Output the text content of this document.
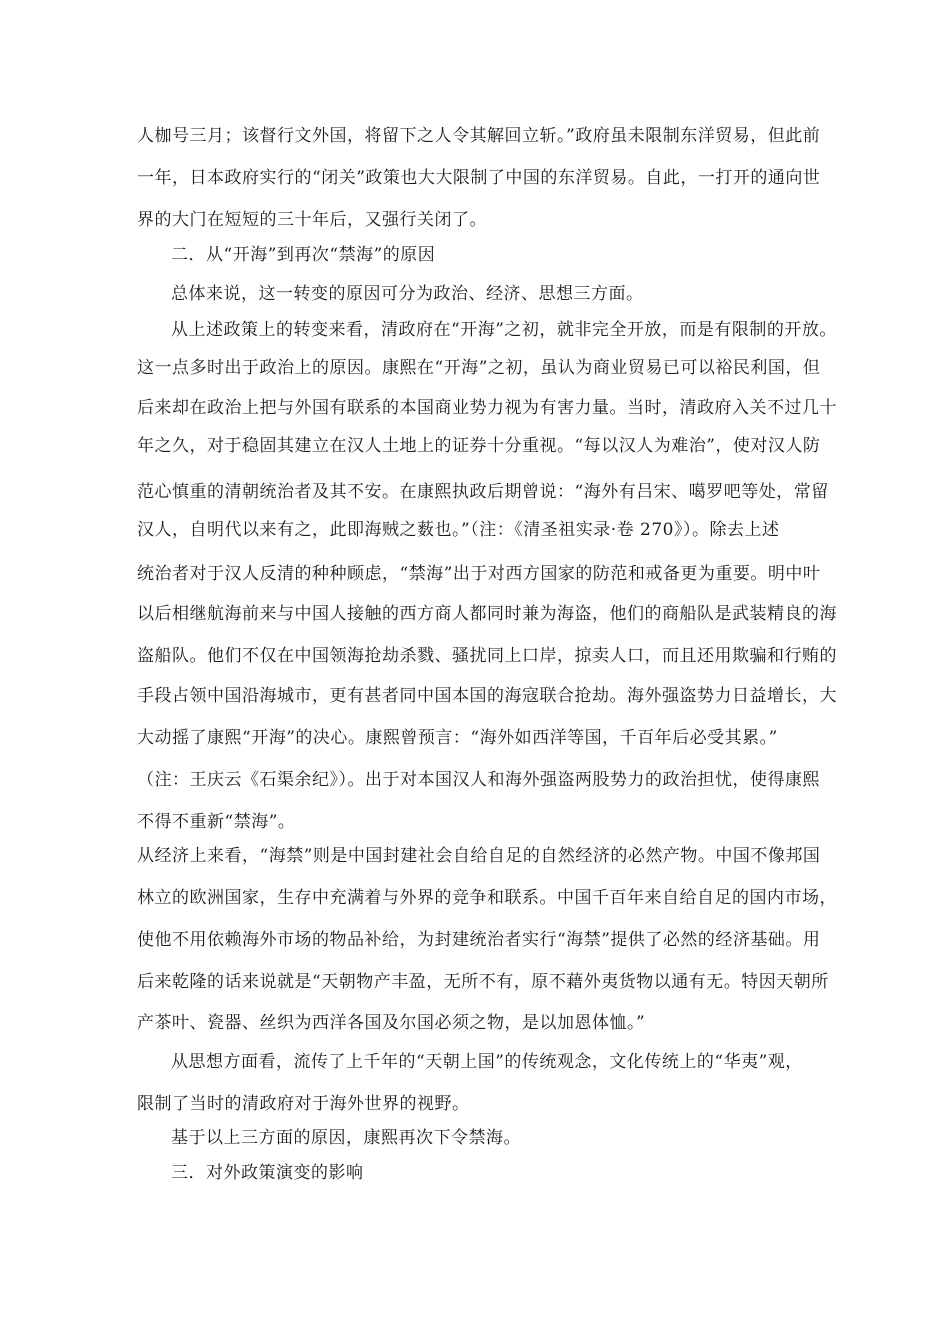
人枷号三月；该督行文外国，将留下之人令其解回立斩。”政府虽未限制东洋贸易，但此前
一年，日本政府实行的“闭关”政策也大大限制了中国的东洋贸易。自此，一打开的通向世
界的大门在短短的三十年后，又强行关闭了。
二．从“开海”到再次“禁海”的原因
总体来说，这一转变的原因可分为政治、经济、思想三方面。
从上述政策上的转变来看，清政府在“开海”之初，就非完全开放，而是有限制的开放。
这一点多时出于政治上的原因。康熙在“开海”之初，虽认为商业贸易已可以裕民利国，但
后来却在政治上把与外国有联系的本国商业势力视为有害力量。当时，清政府入关不过几十
年之久，对于稳固其建立在汉人土地上的证券十分重视。“每以汉人为难治”，使对汉人防
范心慎重的清朝统治者及其不安。在康熙执政后期曾说：“海外有吕宋、噶罗吧等处，常留
汉人，自明代以来有之，此即海贼之薮也。”（注：《清圣祖实录·卷 270》）。除去上述
统治者对于汉人反清的种种顾虑，“禁海”出于对西方国家的防范和戒备更为重要。明中叶
以后相继航海前来与中国人接触的西方商人都同时兼为海盗，他们的商船队是武装精良的海
盗船队。他们不仅在中国领海抢劫杀戮、骚扰同上口岸，掠卖人口，而且还用欺骗和行贿的
手段占领中国沿海城市，更有甚者同中国本国的海寇联合抢劫。海外强盗势力日益增长，大
大动摇了康熙“开海”的决心。康熙曾预言：“海外如西洋等国，千百年后必受其累。”
（注：王庆云《石渠余纪》）。出于对本国汉人和海外强盗两股势力的政治担忧，使得康熙
不得不重新“禁海”。
从经济上来看，“海禁”则是中国封建社会自给自足的自然经济的必然产物。中国不像邦国
林立的欧洲国家，生存中充满着与外界的竞争和联系。中国千百年来自给自足的国内市场，
使他不用依赖海外市场的物品补给，为封建统治者实行“海禁”提供了必然的经济基础。用
后来乾隆的话来说就是“天朝物产丰盈，无所不有，原不藉外夷货物以通有无。特因天朝所
产茶叶、瓷器、丝织为西洋各国及尔国必须之物，是以加恩体恤。”
从思想方面看，流传了上千年的“天朝上国”的传统观念，文化传统上的“华夷”观，
限制了当时的清政府对于海外世界的视野。
基于以上三方面的原因，康熙再次下令禁海。
三．对外政策演变的影响
